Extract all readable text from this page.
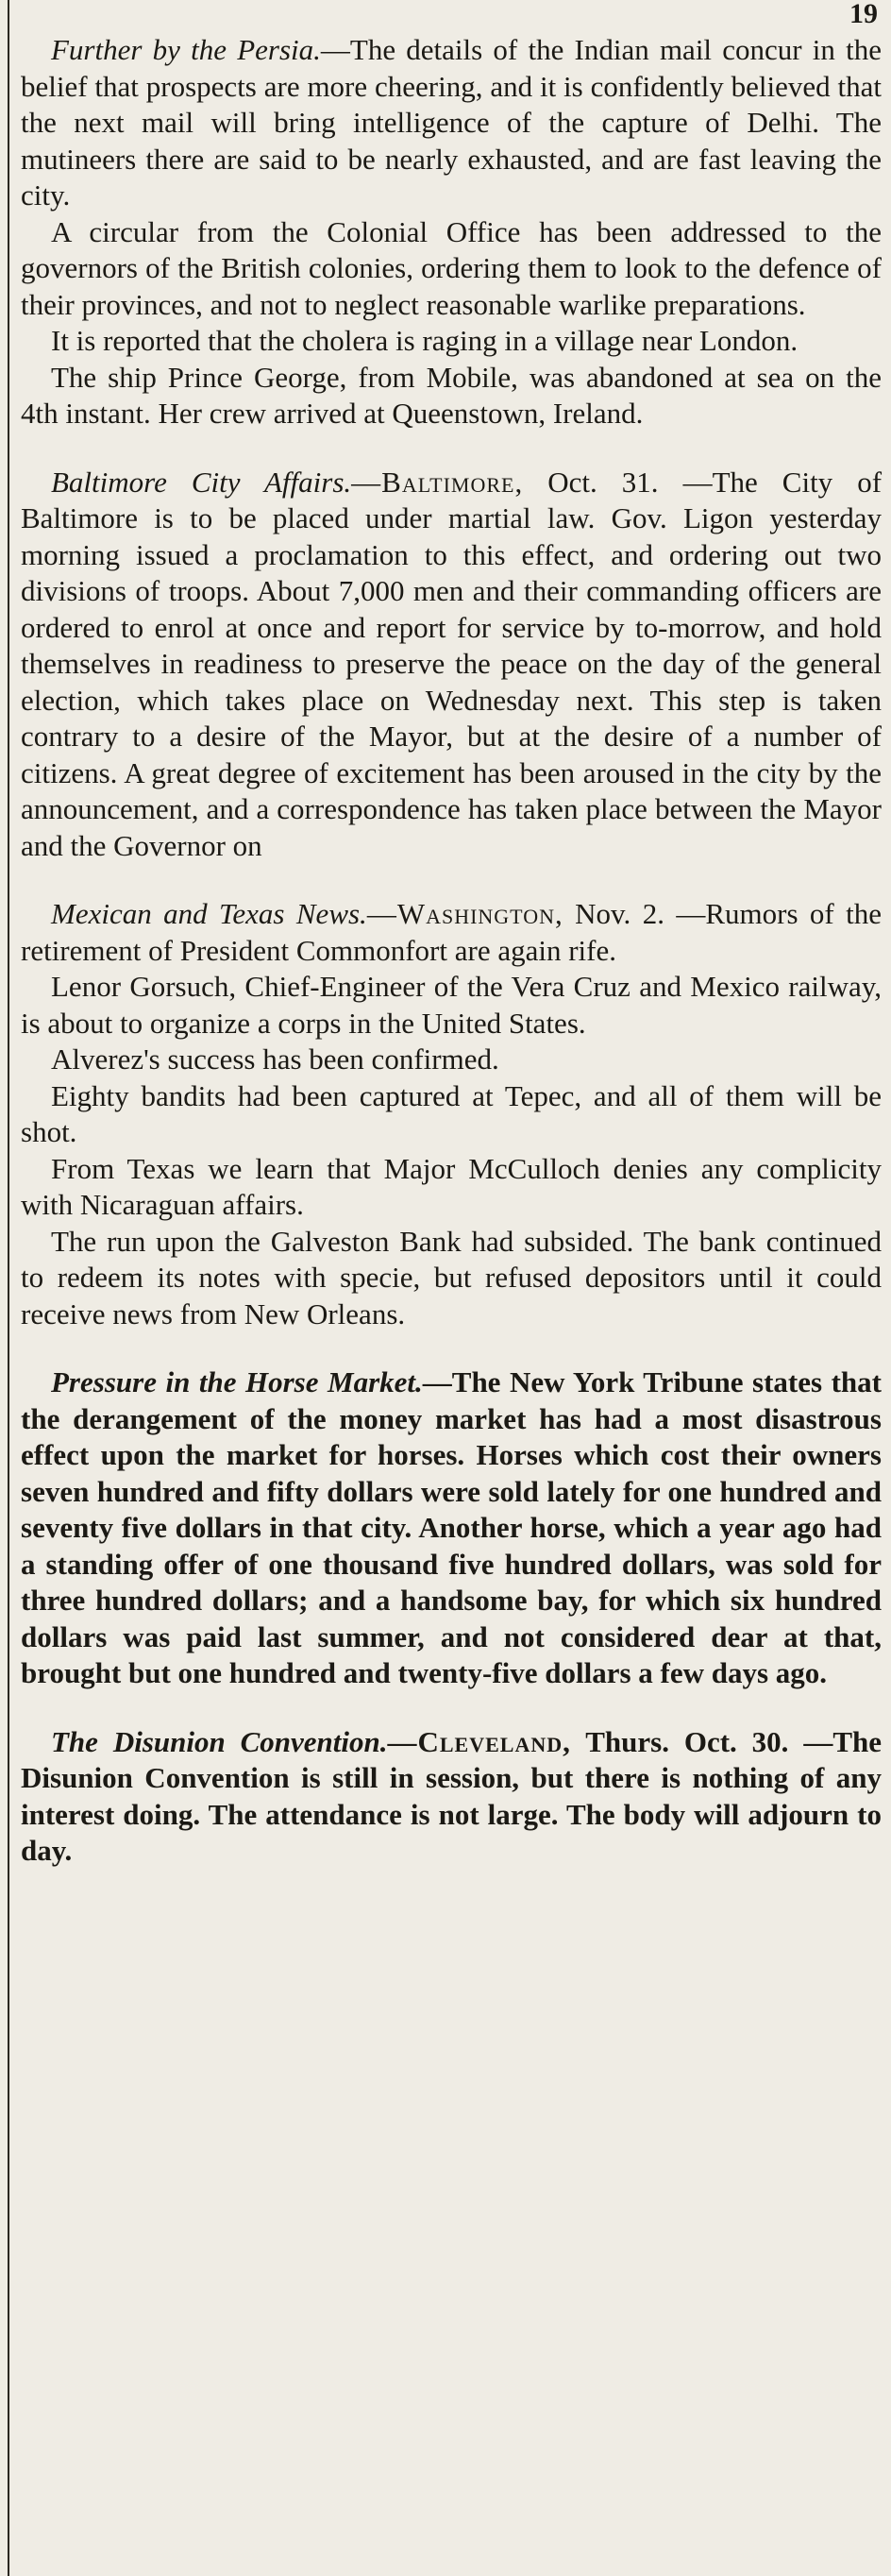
19

Further by the Persia.—The details of the Indian mail concur in the belief that prospects are more cheering, and it is confidently believed that the next mail will bring intelligence of the capture of Delhi. The mutineers there are said to be nearly exhausted, and are fast leaving the city.

A circular from the Colonial Office has been addressed to the governors of the British colonies, ordering them to look to the defence of their provinces, and not to neglect reasonable warlike preparations.

It is reported that the cholera is raging in a village near London.

The ship Prince George, from Mobile, was abandoned at sea on the 4th instant. Her crew arrived at Queenstown, Ireland.

Baltimore City Affairs.—Baltimore, Oct. 31. —The City of Baltimore is to be placed under martial law. Gov. Ligon yesterday morning issued a proclamation to this effect, and ordering out two divisions of troops. About 7,000 men and their commanding officers are ordered to enrol at once and report for service by to-morrow, and hold themselves in readiness to preserve the peace on the day of the general election, which takes place on Wednesday next. This step is taken contrary to a desire of the Mayor, but at the desire of a number of citizens. A great degree of excitement has been aroused in the city by the announcement, and a correspondence has taken place between the Mayor and the Governor on

Mexican and Texas News.—Washington, Nov. 2. —Rumors of the retirement of President Commonfort are again rife.

Lenor Gorsuch, Chief-Engineer of the Vera Cruz and Mexico railway, is about to organize a corps in the United States.

Alverez's success has been confirmed.

Eighty bandits had been captured at Tepec, and all of them will be shot.

From Texas we learn that Major McCulloch denies any complicity with Nicaraguan affairs.

The run upon the Galveston Bank had subsided. The bank continued to redeem its notes with specie, but refused depositors until it could receive news from New Orleans.

Pressure in the Horse Market.—The New York Tribune states that the derangement of the money market has had a most disastrous effect upon the market for horses. Horses which cost their owners seven hundred and fifty dollars were sold lately for one hundred and seventy five dollars in that city. Another horse, which a year ago had a standing offer of one thousand five hundred dollars, was sold for three hundred dollars; and a handsome bay, for which six hundred dollars was paid last summer, and not considered dear at that, brought but one hundred and twenty-five dollars a few days ago.

The Disunion Convention.—Cleveland, Thurs. Oct. 30. —The Disunion Convention is still in session, but there is nothing of any interest doing. The attendance is not large. The body will adjourn to day.
